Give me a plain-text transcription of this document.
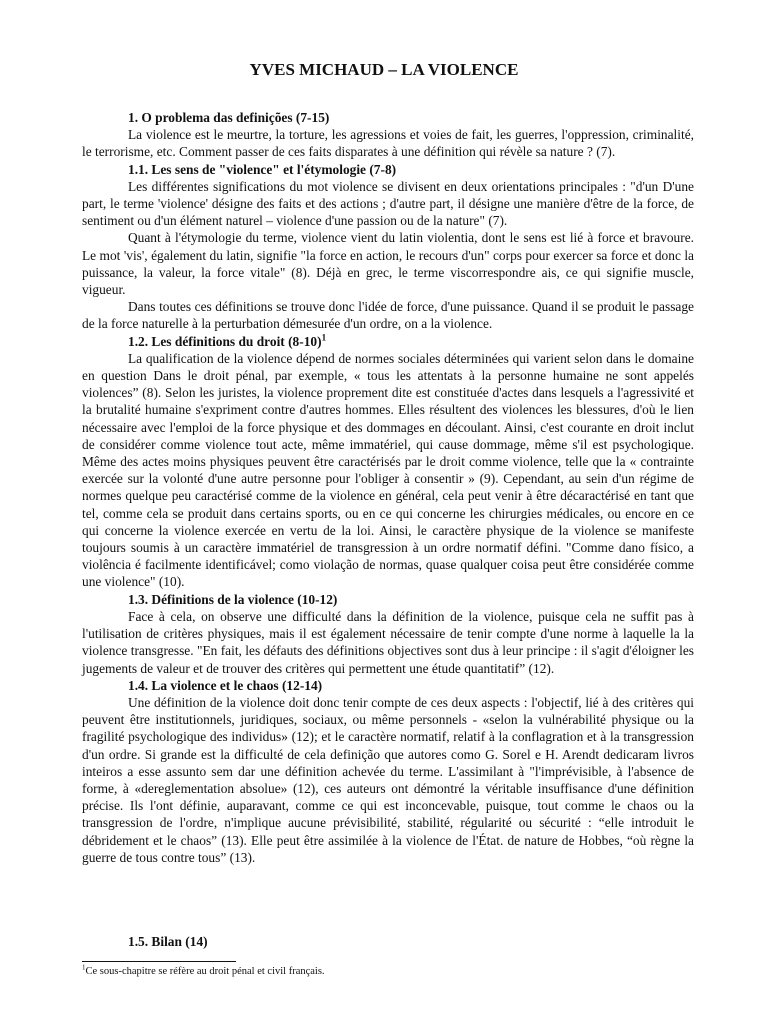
YVES MICHAUD – LA VIOLENCE
1. O problema das definições (7-15)

La violence est le meurtre, la torture, les agressions et voies de fait, les guerres, l'oppression, criminalité, le terrorisme, etc. Comment passer de ces faits disparates à une définition qui révèle sa nature ? (7).

1.1. Les sens de "violence" et l'étymologie (7-8)

Les différentes significations du mot violence se divisent en deux orientations principales : "d'un D'une part, le terme 'violence' désigne des faits et des actions ; d'autre part, il désigne une manière d'être de la force, de sentiment ou d'un élément naturel – violence d'une passion ou de la nature" (7).

Quant à l'étymologie du terme, violence vient du latin violentia, dont le sens est lié à force et bravoure. Le mot 'vis', également du latin, signifie "la force en action, le recours d'un" corps pour exercer sa force et donc la puissance, la valeur, la force vitale" (8). Déjà en grec, le terme viscorrespondre ais, ce qui signifie muscle, vigueur.

Dans toutes ces définitions se trouve donc l'idée de force, d'une puissance. Quand il se produit le passage de la force naturelle à la perturbation démesurée d'un ordre, on a la violence.

1.2. Les définitions du droit $(8-10)^1$

La qualification de la violence dépend de normes sociales déterminées qui varient selon dans le domaine en question Dans le droit pénal, par exemple, « tous les attentats à la personne humaine ne sont appelés violences” (8). Selon les juristes, la violence proprement dite est constituée d'actes dans lesquels a l'agressivité et la brutalité humaine s'expriment contre d'autres hommes. Elles résultent des violences les blessures, d'où le lien nécessaire avec l'emploi de la force physique et des dommages en découlant. Ainsi, c'est courante en droit inclut de considérer comme violence tout acte, même immatériel, qui cause dommage, même s'il est psychologique. Même des actes moins physiques peuvent être caractérisés par le droit comme violence, telle que la « contrainte exercée sur la volonté d'une autre personne pour l'obliger à consentir » (9). Cependant, au sein d'un régime de normes quelque peu caractérisé comme de la violence en général, cela peut venir à être décaractérisé en tant que tel, comme cela se produit dans certains sports, ou en ce qui concerne les chirurgies médicales, ou encore en ce qui concerne la violence exercée en vertu de la loi. Ainsi, le caractère physique de la violence se manifeste toujours soumis à un caractère immatériel de transgression à un ordre normatif défini. "Comme dano físico, a violência é facilmente identificável; como violação de normas, quase qualquer coisa peut être considérée comme une violence" (10).

1.3. Définitions de la violence (10-12)

Face à cela, on observe une difficulté dans la définition de la violence, puisque cela ne suffit pas à l'utilisation de critères physiques, mais il est également nécessaire de tenir compte d'une norme à laquelle la la violence transgresse. "En fait, les défauts des définitions objectives sont dus à leur principe : il s'agit d'éloigner les jugements de valeur et de trouver des critères qui permettent une étude quantitatif” (12).

1.4. La violence et le chaos (12-14)

Une définition de la violence doit donc tenir compte de ces deux aspects : l'objectif, lié à des critères qui peuvent être institutionnels, juridiques, sociaux, ou même personnels - «selon la vulnérabilité physique ou la fragilité psychologique des individus» (12); et le caractère normatif, relatif à la conflagration et à la transgression d'un ordre. Si grande est la difficulté de cela definição que autores como G. Sorel e H. Arendt dedicaram livros inteiros a esse assunto sem dar une définition achevée du terme. L'assimilant à "l'imprévisible, à l'absence de forme, à «dereglementation absolue» (12), ces auteurs ont démontré la véritable insuffisance d'une définition précise. Ils l'ont définie, auparavant, comme ce qui est inconcevable, puisque, tout comme le chaos ou la transgression de l'ordre, n'implique aucune prévisibilité, stabilité, régularité ou sécurité : “elle introduit le débridement et le chaos” (13). Elle peut être assimilée à la violence de l'État. de nature de Hobbes, “où règne la guerre de tous contre tous” (13).

1.5. Bilan (14)
$^1$Ce sous-chapitre se réfère au droit pénal et civil français.
